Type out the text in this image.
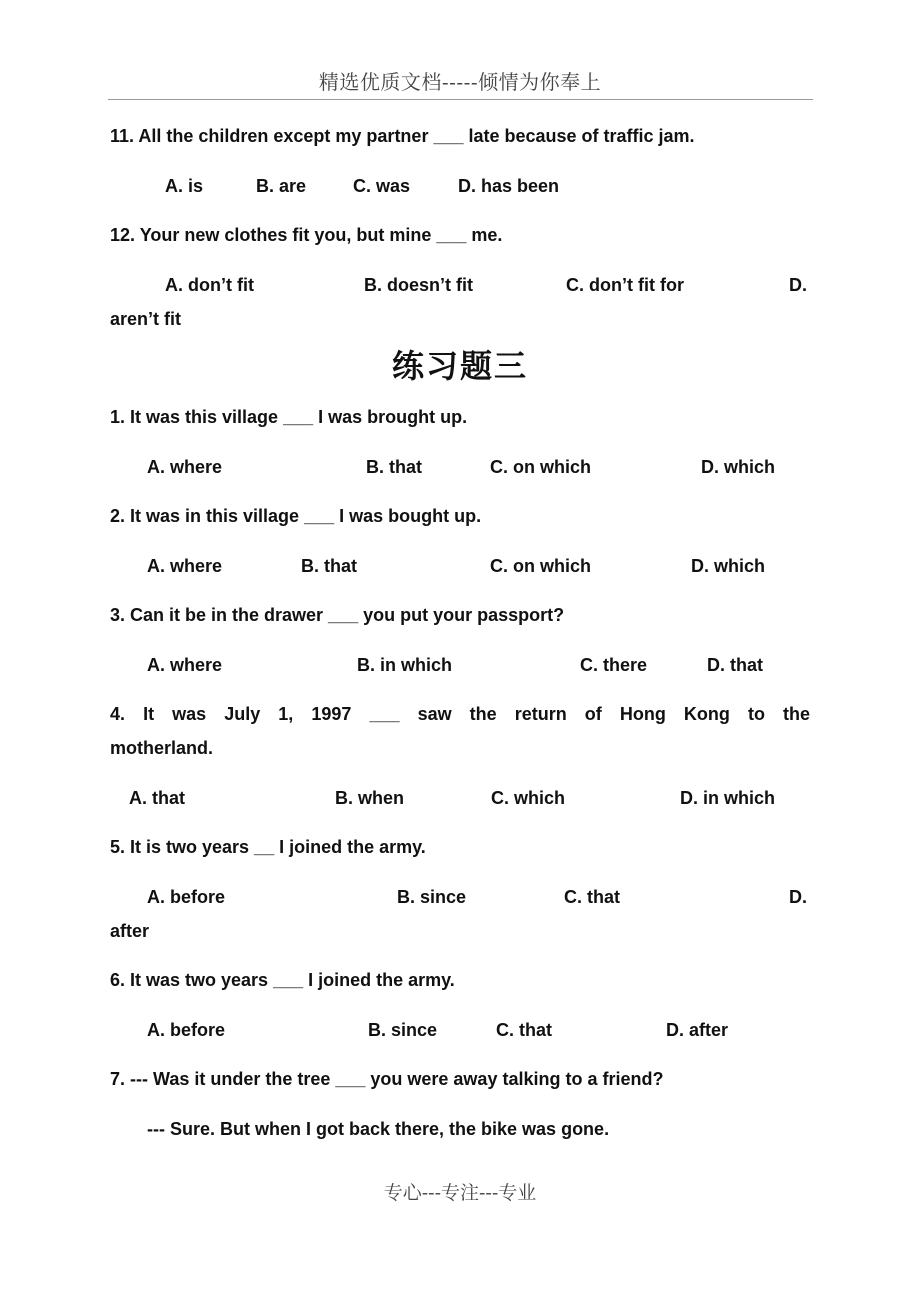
精选优质文档-----倾情为你奉上
11. All the children except my partner ___ late because of traffic jam.
A. is	B. are	C. was	D. has been
12. Your new clothes fit you, but mine ___ me.
A. don’t fit	B. doesn’t fit	C. don’t fit for	D.
aren’t fit
练习题三
1. It was this village ___ I was brought up.
A. where	B. that	C. on which	D. which
2. It was in this village ___ I was bought up.
A. where	B. that	C. on which	D. which
3. Can it be in the drawer ___ you put your passport?
A. where	B. in which	C. there	D. that
4. It was July 1, 1997 ___ saw the return of Hong Kong to the
motherland.
A. that	B. when	C. which	D. in which
5. It is two years __ I joined the army.
A. before	B. since	C. that	D.
after
6. It was two years ___ I joined the army.
A. before	B. since	C. that	D. after
7. --- Was it under the tree ___ you were away talking to a friend?
--- Sure. But when I got back there, the bike was gone.
专心---专注---专业
